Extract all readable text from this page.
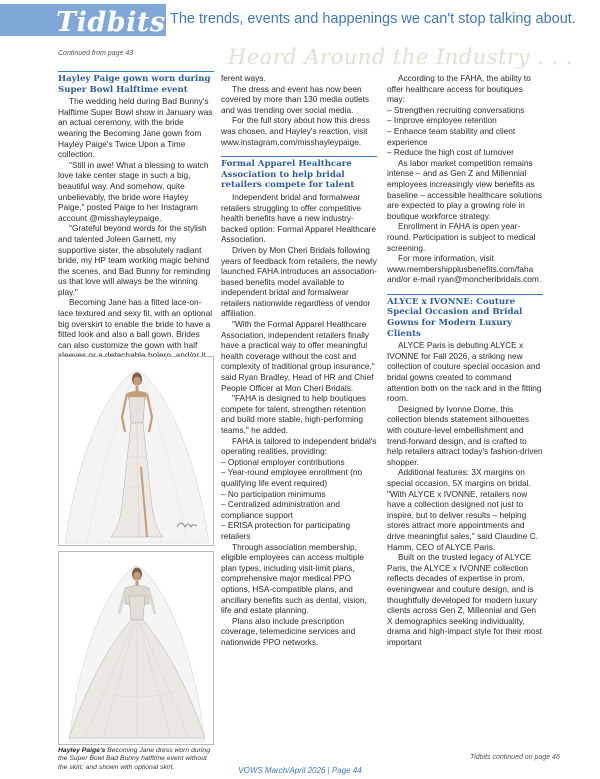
Tidbits The trends, events and happenings we can't stop talking about.
Continued from page 43	Heard Around the Industry . . .
Hayley Paige gown worn during Super Bowl Halftime event

The wedding held during Bad Bunny's Halftime Super Bowl show in January was an actual ceremony, with the bride wearing the Becoming Jane gown from Hayley Paige's Twice Upon a Time collection.

"Still in awe! What a blessing to watch love take center stage in such a big, beautiful way. And somehow, quite unbelievably, the bride wore Hayley Paige," posted Paige to her Instagram account @misshayleypaige.

"Grateful beyond words for the stylish and talented Joleen Garnett, my supportive sister, the absolutely radiant bride, my HP team working magic behind the scenes, and Bad Bunny for reminding us that love will always be the winning play."

Becoming Jane has a fitted lace-on-lace textured and sexy fit, with an optional big overskirt to enable the bride to have a fitted look and also a ball gown. Brides can also customize the gown with half

Hayley Paige's Becoming Jane dress worn during the Super Bowl Bad Bunny halftime event without the skirt; and shown with optional skirt.

ferent ways.

The dress and event has now been covered by more than 130 media outlets and was trending over social media.

For the full story about how this dress was chosen, and Hayley's reaction, visit www.instagram.com/misshayleypaige.

Formal Apparel Healthcare Association to help bridal retailers compete for talent

Independent bridal and formalwear retailers struggling to offer competitive health benefits have a new industry-backed option: Formal Apparel Healthcare Association.

Driven by Mon Cheri Bridals following years of feedback from retailers, the newly launched FAHA introduces an association-based benefits model available to independent bridal and formalwear retailers nationwide regardless of vendor affiliation.

"With the Formal Apparel Healthcare Association, independent retailers finally have a practical way to offer meaningful health coverage without the cost and complexity of traditional group insurance," said Ryan Bradley, Head of HR and Chief People Officer at Mon Cheri Bridals.

"FAHA is designed to help boutiques compete for talent, strengthen retention and build more stable, high-performing teams," he added.

FAHA is tailored to independent bridal's operating realities, providing:

– Optional employer contributions

– Year-round employee enrollment (no qualifying life event required)

– No participation minimums

– Centralized administration and compliance support

– ERISA protection for participating retailers

Through association membership, eligible employees can access multiple plan types, including visit-limit plans, comprehensive major medical PPO options, HSA-compatible plans, and ancillary benefits such as dental, vision, life and estate planning.

Plans also include prescription coverage, telemedicine services and nationwide PPO networks.

According to the FAHA, the ability to offer healthcare access for boutiques may:

– Strengthen recruiting conversations

– Improve employee retention

– Enhance team stability and client experience

– Reduce the high cost of turnover

As labor market competition remains intense – and as Gen Z and Millennial employees increasingly view benefits as baseline – accessible healthcare solutions are expected to play a growing role in boutique workforce strategy.

Enrollment in FAHA is open year-round. Participation is subject to medical screening.

For more information, visit www.membershipplusbenefits.com/faha and/or e-mail ryan@moncheribridals.com.

ALYCE x IVONNE: Couture Special Occasion and Bridal Gowns for Modern Luxury Clients

ALYCE Paris is debuting ALYCE x IVONNE for Fall 2026, a striking new collection of couture special occasion and bridal gowns created to command attention both on the rack and in the fitting room.

Designed by Ivonne Dome, this collection blends statement silhouettes with couture-level embellishment and trend-forward design, and is crafted to help retailers attract today's fashion-driven shopper.

Additional features: 3X margins on special occasion, 5X margins on bridal. "With ALYCE x IVONNE, retailers now have a collection designed not just to inspire, but to deliver results – helping stores attract more appointments and drive meaningful sales," said Claudine C. Hamm, CEO of ALYCE Paris.

Built on the trusted legacy of ALYCE Paris, the ALYCE x IVONNE collection reflects decades of expertise in prom, eveningwear and couture design, and is thoughtfully developed for modern luxury clients across Gen Z, Millennial and Gen X demographics seeking individuality, drama and high-impact style for their most important

Tidbits continued on page 46
VOWS March/April 2026 | Page 44
